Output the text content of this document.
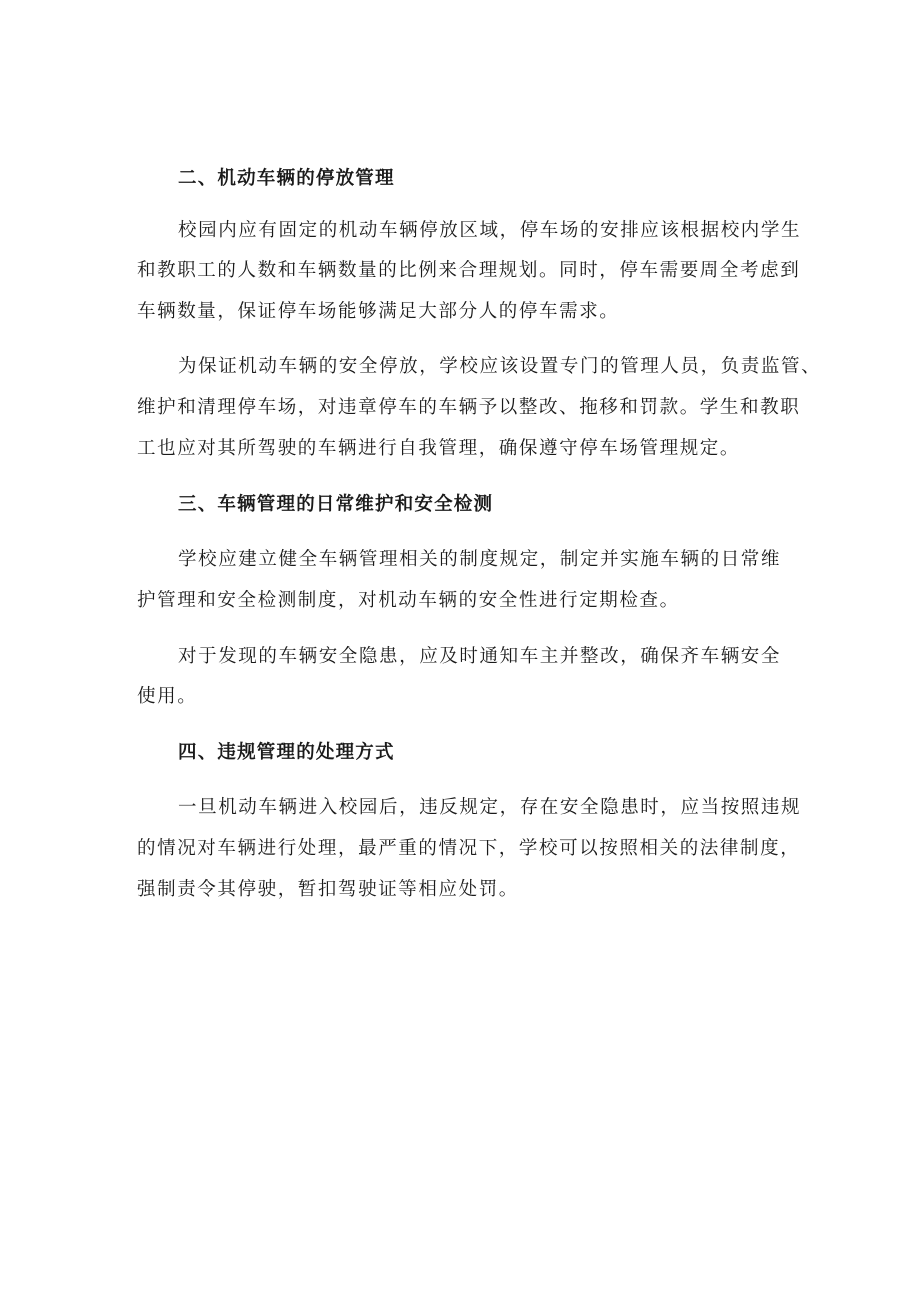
二、机动车辆的停放管理
校园内应有固定的机动车辆停放区域，停车场的安排应该根据校内学生
和教职工的人数和车辆数量的比例来合理规划。同时，停车需要周全考虑到
车辆数量，保证停车场能够满足大部分人的停车需求。
为保证机动车辆的安全停放，学校应该设置专门的管理人员，负责监管、
维护和清理停车场，对违章停车的车辆予以整改、拖移和罚款。学生和教职
工也应对其所驾驶的车辆进行自我管理，确保遵守停车场管理规定。
三、车辆管理的日常维护和安全检测
学校应建立健全车辆管理相关的制度规定，制定并实施车辆的日常维
护管理和安全检测制度，对机动车辆的安全性进行定期检查。
对于发现的车辆安全隐患，应及时通知车主并整改，确保齐车辆安全
使用。
四、违规管理的处理方式
一旦机动车辆进入校园后，违反规定，存在安全隐患时，应当按照违规
的情况对车辆进行处理，最严重的情况下，学校可以按照相关的法律制度，
强制责令其停驶，暂扣驾驶证等相应处罚。
